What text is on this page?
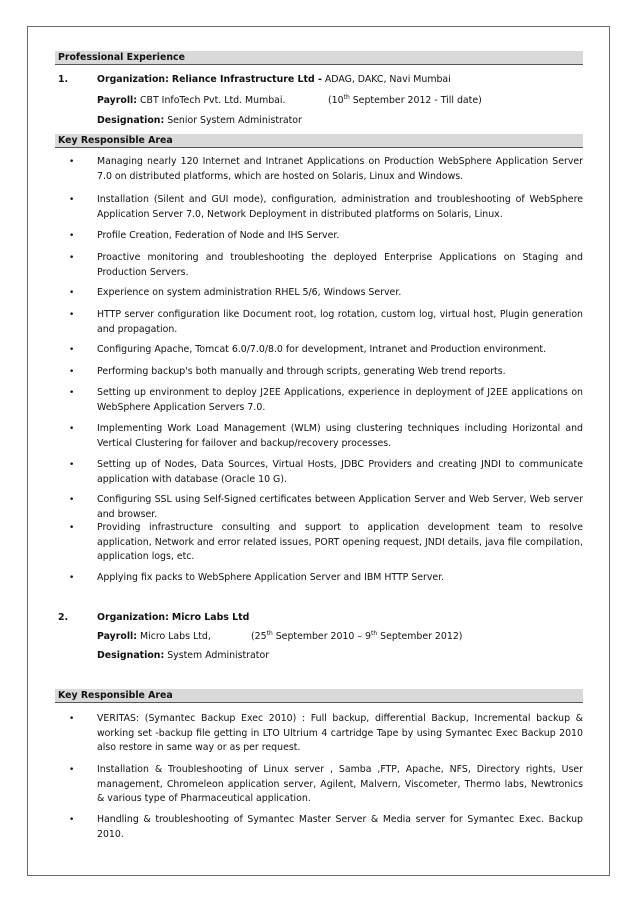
Professional Experience
1.	Organization: Reliance Infrastructure Ltd - ADAG, DAKC, Navi Mumbai
Payroll: CBT InfoTech Pvt. Ltd. Mumbai.	(10th September 2012 - Till date)
Designation: Senior System Administrator
Key Responsible Area
• Managing nearly 120 Internet and Intranet Applications on Production WebSphere Application Server 7.0 on distributed platforms, which are hosted on Solaris, Linux and Windows.
• Installation (Silent and GUI mode), configuration, administration and troubleshooting of WebSphere Application Server 7.0, Network Deployment in distributed platforms on Solaris, Linux.
• Profile Creation, Federation of Node and IHS Server.
• Proactive monitoring and troubleshooting the deployed Enterprise Applications on Staging and Production Servers.
• Experience on system administration RHEL 5/6, Windows Server.
• HTTP server configuration like Document root, log rotation, custom log, virtual host, Plugin generation and propagation.
• Configuring Apache, Tomcat 6.0/7.0/8.0 for development, Intranet and Production environment.
• Performing backup's both manually and through scripts, generating Web trend reports.
• Setting up environment to deploy J2EE Applications, experience in deployment of J2EE applications on WebSphere Application Servers 7.0.
• Implementing Work Load Management (WLM) using clustering techniques including Horizontal and Vertical Clustering for failover and backup/recovery processes.
• Setting up of Nodes, Data Sources, Virtual Hosts, JDBC Providers and creating JNDI to communicate application with database (Oracle 10 G).
• Configuring SSL using Self-Signed certificates between Application Server and Web Server, Web server and browser.
• Providing infrastructure consulting and support to application development team to resolve application, Network and error related issues, PORT opening request, JNDI details, java file compilation, application logs, etc.
• Applying fix packs to WebSphere Application Server and IBM HTTP Server.
2.	Organization: Micro Labs Ltd
Payroll: Micro Labs Ltd,	(25th September 2010 – 9th September 2012)
Designation: System Administrator
Key Responsible Area
• VERITAS: (Symantec Backup Exec 2010) : Full backup, differential Backup, Incremental backup & working set -backup file getting in LTO Ultrium 4 cartridge Tape by using Symantec Exec Backup 2010 also restore in same way or as per request.
• Installation & Troubleshooting of Linux server , Samba ,FTP, Apache, NFS, Directory rights, User management, Chromeleon application server, Agilent, Malvern, Viscometer, Thermo labs, Newtronics & various type of Pharmaceutical application.
• Handling & troubleshooting of Symantec Master Server & Media server for Symantec Exec. Backup 2010.
